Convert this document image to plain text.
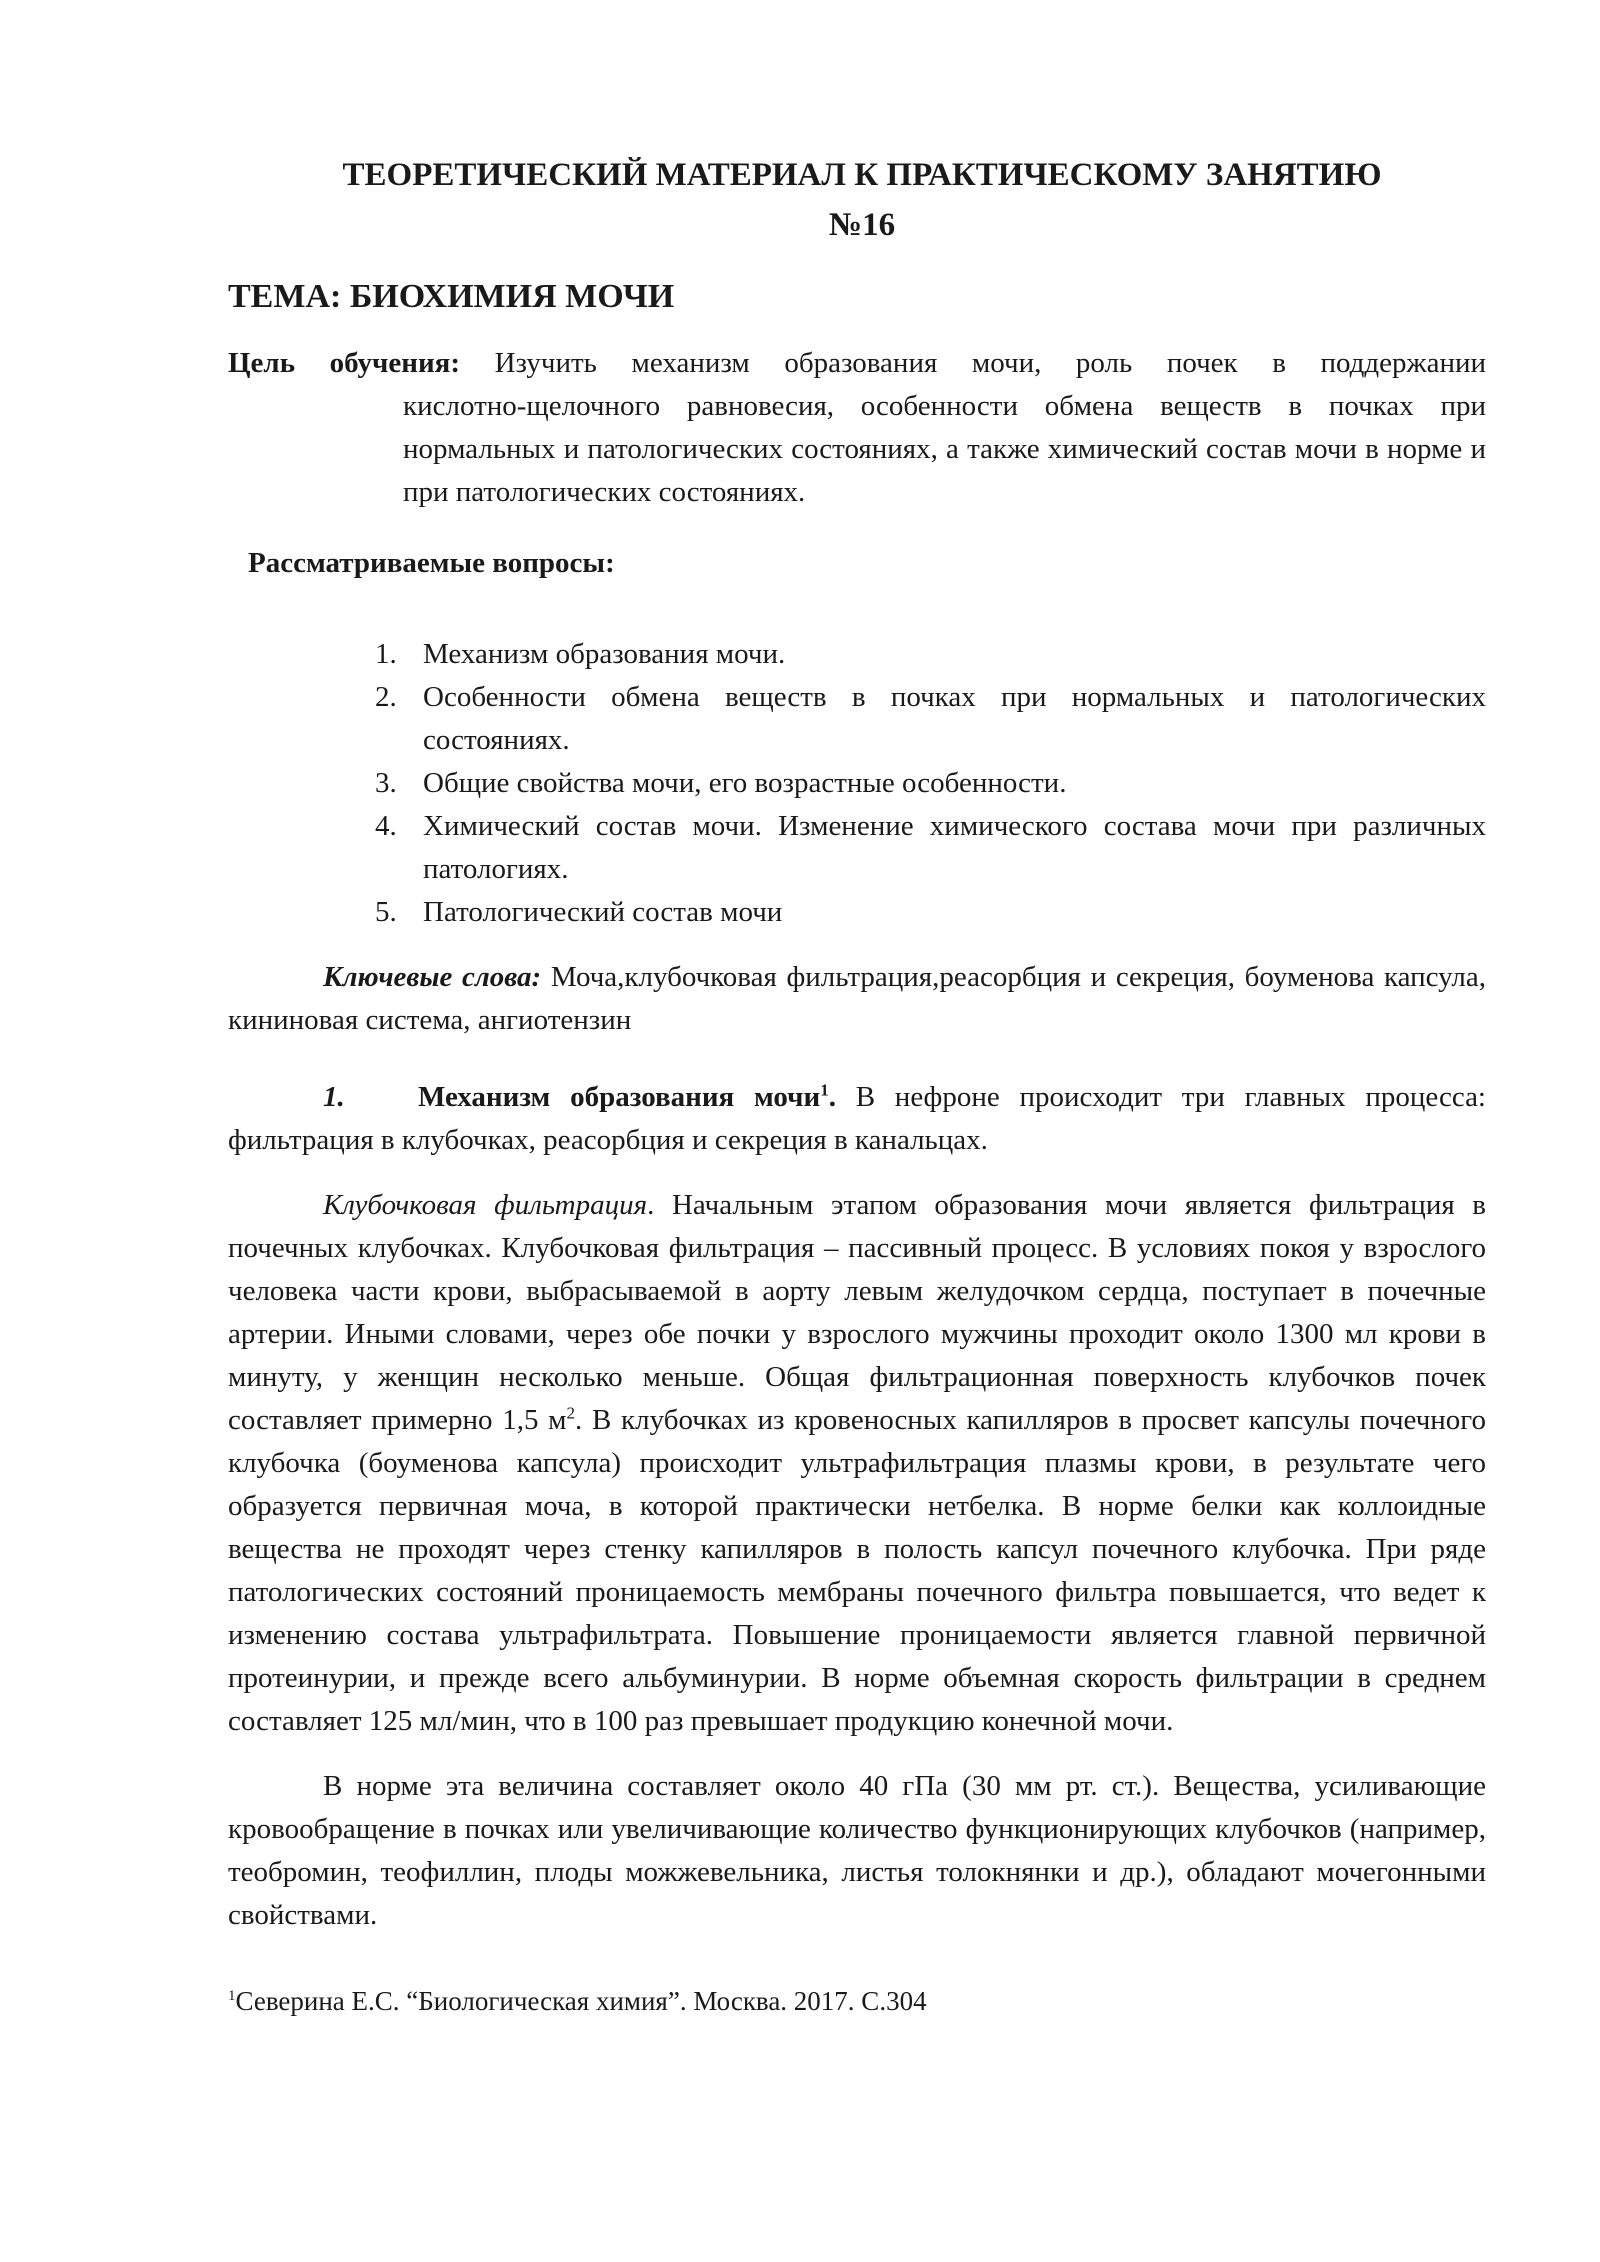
ТЕОРЕТИЧЕСКИЙ МАТЕРИАЛ К ПРАКТИЧЕСКОМУ ЗАНЯТИЮ
№16
ТЕМА: БИОХИМИЯ МОЧИ
Цель обучения: Изучить механизм образования мочи, роль почек в поддержании
кислотно-щелочного равновесия, особенности обмена веществ в почках при нормальных и патологических состояниях, а также химический состав мочи в норме и при патологических состояниях.
Рассматриваемые вопросы:
1. Механизм образования мочи.
2. Особенности обмена веществ в почках при нормальных и патологических состояниях.
3. Общие свойства мочи, его возрастные особенности.
4. Химический состав мочи. Изменение химического состава мочи при различных патологиях.
5. Патологический состав мочи
Ключевые слова: Моча,клубочковая фильтрация,реасорбция и секреция, боуменова капсула, кининовая система, ангиотензин
1.	Механизм образования мочи$^1$. В нефроне происходит три главных процесса: фильтрация в клубочках, реасорбция и секреция в канальцах.
Клубочковая фильтрация. Начальным этапом образования мочи является фильтрация в почечных клубочках. Клубочковая фильтрация – пассивный процесс. В условиях покоя у взрослого человека части крови, выбрасываемой в аорту левым желудочком сердца, поступает в почечные артерии. Иными словами, через обе почки у взрослого мужчины проходит около 1300 мл крови в минуту, у женщин несколько меньше. Общая фильтрационная поверхность клубочков почек составляет примерно 1,5 $м^2$. В клубочках из кровеносных капилляров в просвет капсулы почечного клубочка (боуменова капсула) происходит ультрафильтрация плазмы крови, в результате чего образуется первичная моча, в которой практически нетбелка. В норме белки как коллоидные вещества не проходят через стенку капилляров в полость капсул почечного клубочка. При ряде патологических состояний проницаемость мембраны почечного фильтра повышается, что ведет к изменению состава ультрафильтрата. Повышение проницаемости является главной первичной протеинурии, и прежде всего альбуминурии. В норме объемная скорость фильтрации в среднем составляет 125 мл/мин, что в 100 раз превышает продукцию конечной мочи.
В норме эта величина составляет около 40 гПа (30 мм рт. ст.). Вещества, усиливающие кровообращение в почках или увеличивающие количество функционирующих клубочков (например, теобромин, теофиллин, плоды можжевельника, листья толокнянки и др.), обладают мочегонными свойствами.
$^1$Северина Е.С. “Биологическая химия”. Москва. 2017. С.304
